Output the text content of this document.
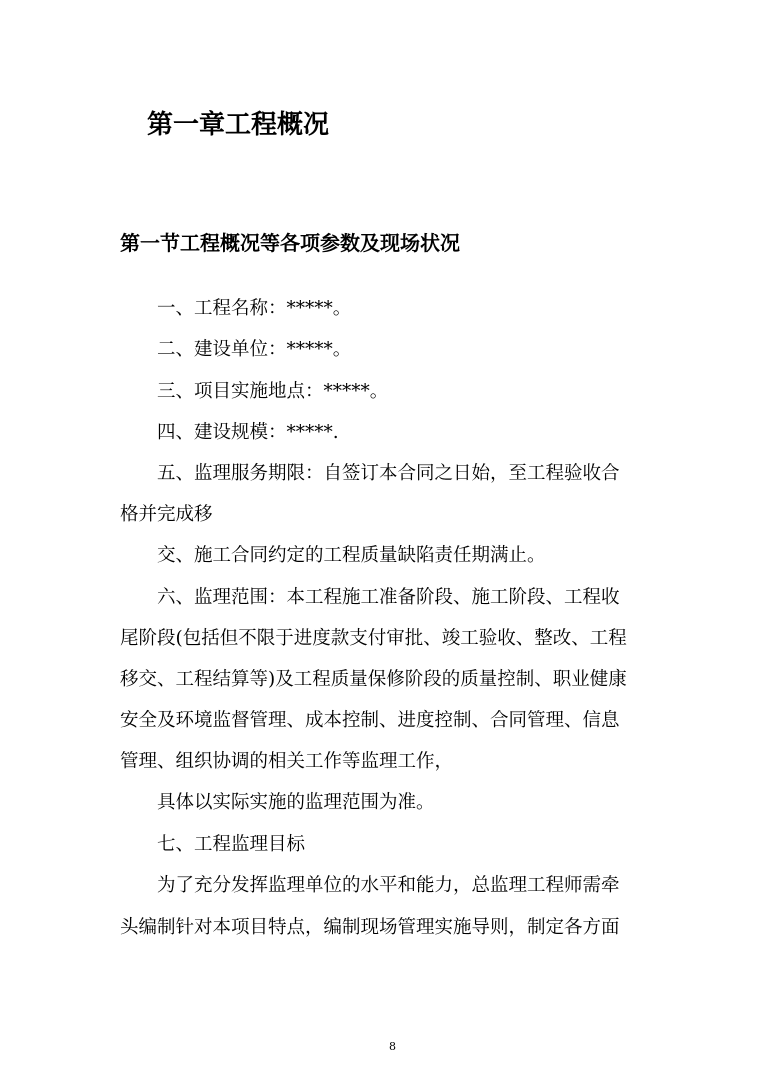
第一章工程概况
第一节工程概况等各项参数及现场状况
一、工程名称：*****。
二、建设单位：*****。
三、项目实施地点：*****。
四、建设规模：*****.
五、监理服务期限：自签订本合同之日始，至工程验收合
格并完成移
交、施工合同约定的工程质量缺陷责任期满止。
六、监理范围：本工程施工准备阶段、施工阶段、工程收
尾阶段(包括但不限于进度款支付审批、竣工验收、整改、工程
移交、工程结算等)及工程质量保修阶段的质量控制、职业健康
安全及环境监督管理、成本控制、进度控制、合同管理、信息
管理、组织协调的相关工作等监理工作，
具体以实际实施的监理范围为准。
七、工程监理目标
为了充分发挥监理单位的水平和能力，总监理工程师需牵
头编制针对本项目特点，编制现场管理实施导则，制定各方面
8
